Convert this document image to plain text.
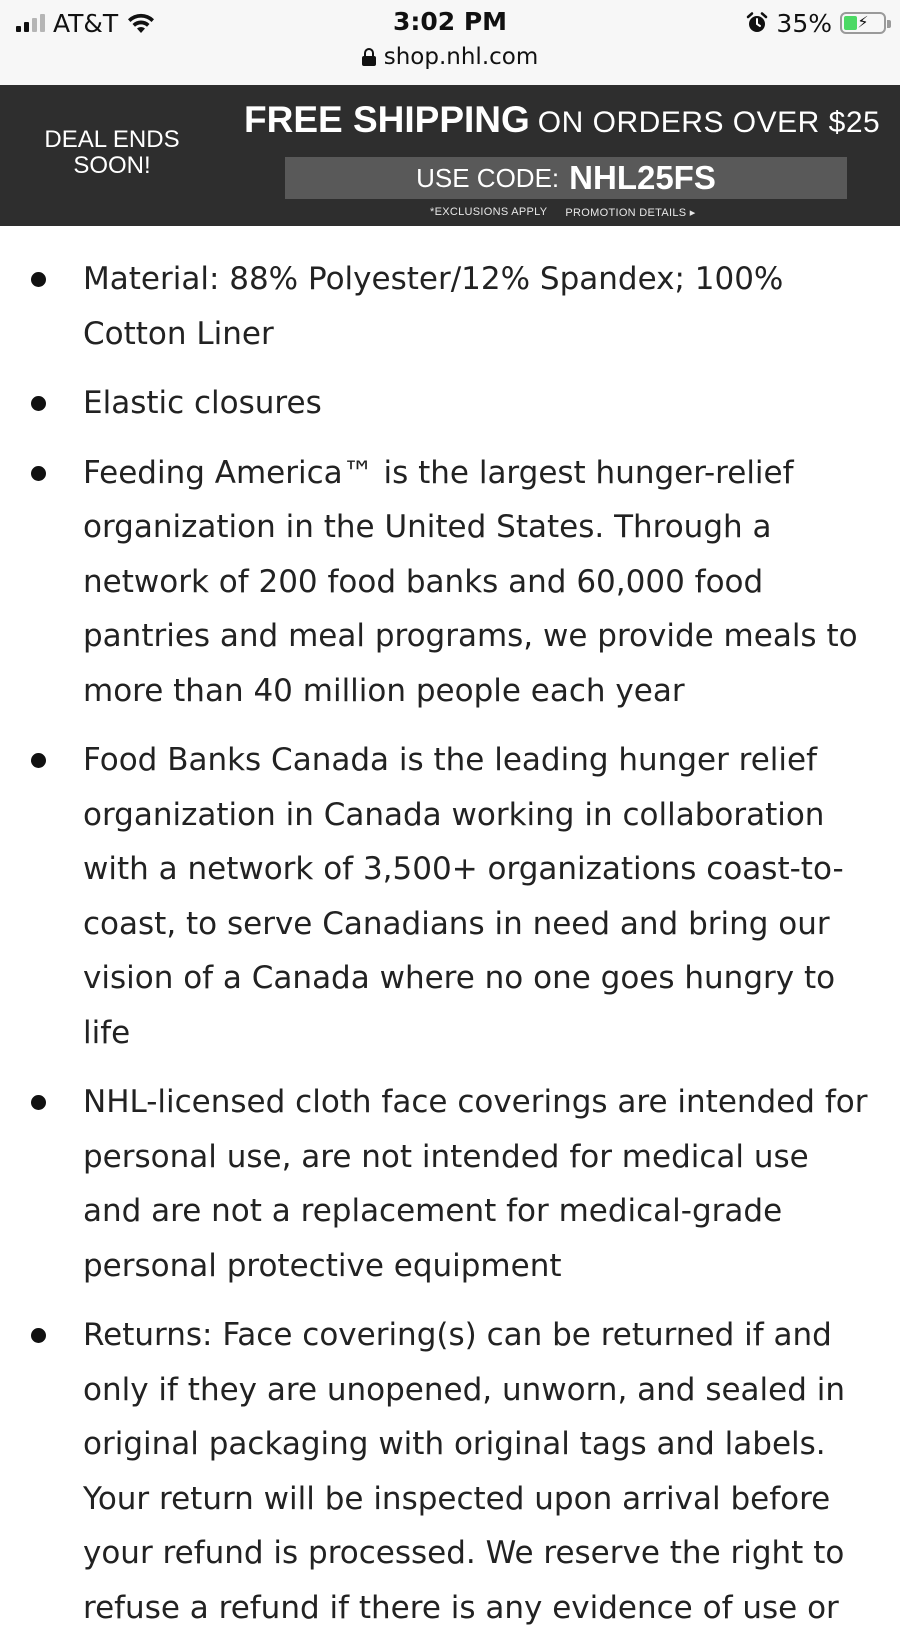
AT&T	3:02 PM	35% ⚡
shop.nhl.com
DEAL ENDS SOON!
FREE SHIPPING ON ORDERS OVER $25
USE CODE: NHL25FS
*EXCLUSIONS APPLY PROMOTION DETAILS ▸
Material: 88% Polyester/12% Spandex; 100% Cotton Liner
Elastic closures
Feeding America™ is the largest hunger-relief organization in the United States. Through a network of 200 food banks and 60,000 food pantries and meal programs, we provide meals to more than 40 million people each year
Food Banks Canada is the leading hunger relief organization in Canada working in collaboration with a network of 3,500+ organizations coast-to-coast, to serve Canadians in need and bring our vision of a Canada where no one goes hungry to life
NHL-licensed cloth face coverings are intended for personal use, are not intended for medical use and are not a replacement for medical-grade personal protective equipment
Returns: Face covering(s) can be returned if and only if they are unopened, unworn, and sealed in original packaging with original tags and labels. Your return will be inspected upon arrival before your refund is processed. We reserve the right to refuse a refund if there is any evidence of use or
